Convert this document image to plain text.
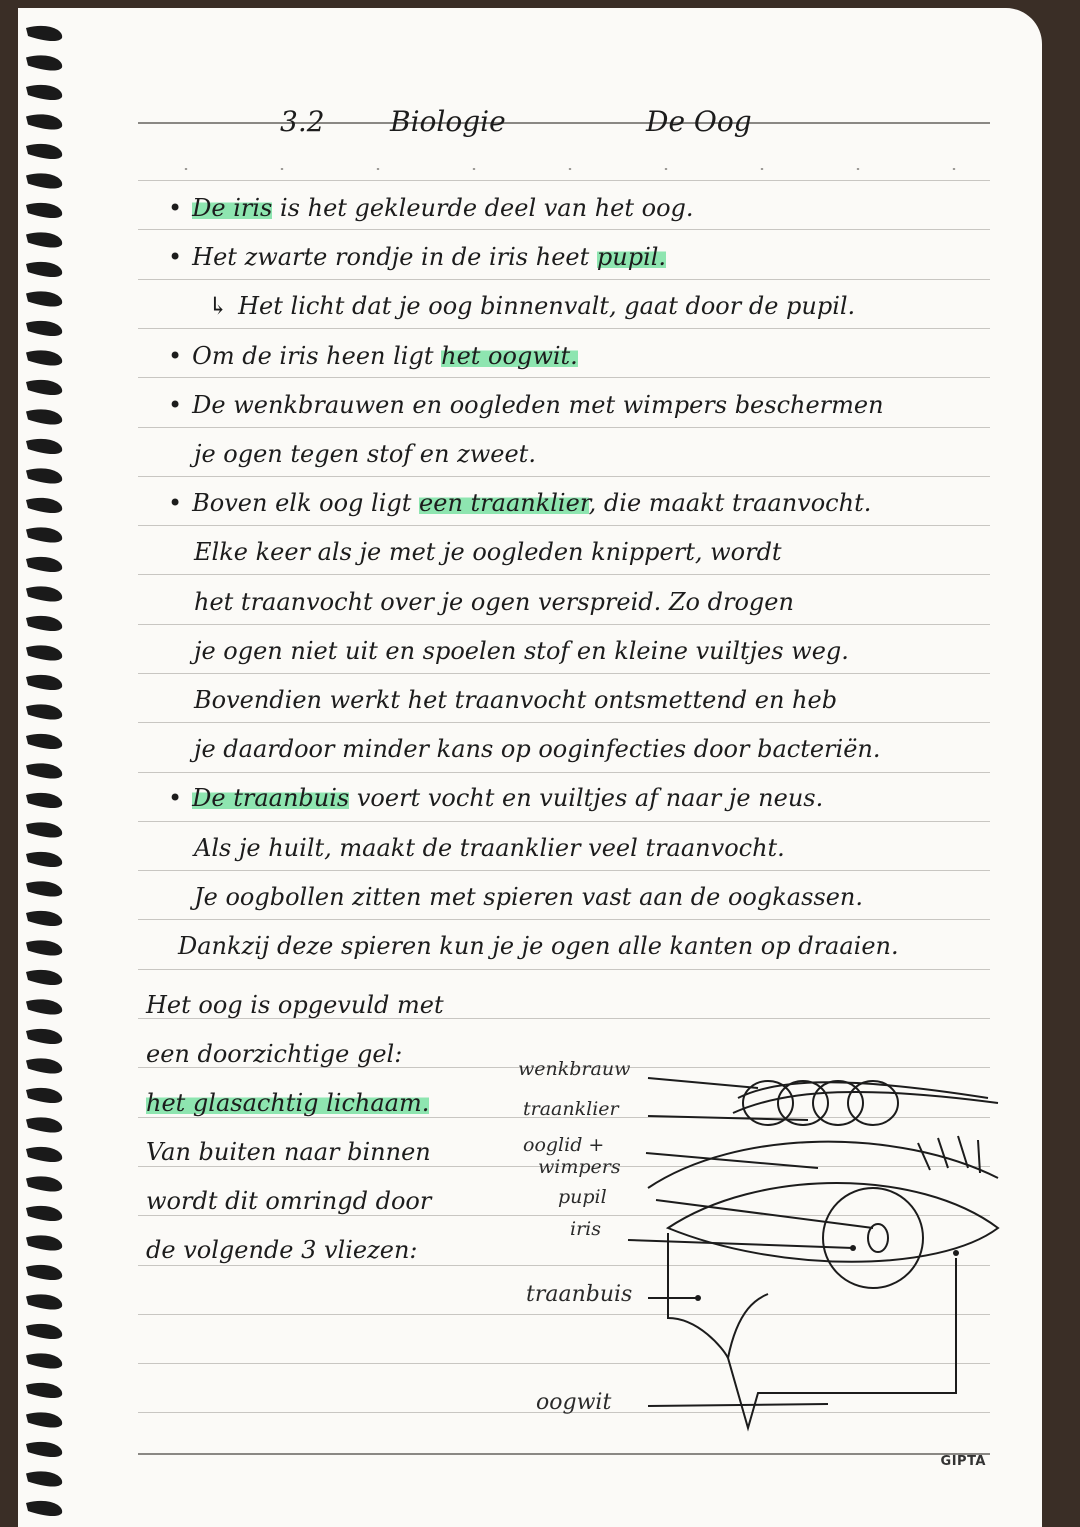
3.2 Biologie	De Oog
• De iris is het gekleurde deel van het oog.
• Het zwarte rondje in de iris heet pupil.
↳ Het licht dat je oog binnenvalt, gaat door de pupil.
• Om de iris heen ligt het oogwit.
• De wenkbrauwen en oogleden met wimpers beschermen
je ogen tegen stof en zweet.
• Boven elk oog ligt een traanklier, die maakt traanvocht.
Elke keer als je met je oogleden knippert, wordt
het traanvocht over je ogen verspreid. Zo drogen
je ogen niet uit en spoelen stof en kleine vuiltjes weg.
Bovendien werkt het traanvocht ontsmettend en heb
je daardoor minder kans op ooginfecties door bacteriën.
• De traanbuis voert vocht en vuiltjes af naar je neus.
Als je huilt, maakt de traanklier veel traanvocht.
Je oogbollen zitten met spieren vast aan de oogkassen.
Dankzij deze spieren kun je je ogen alle kanten op draaien.
Het oog is opgevuld met
een doorzichtige gel:
het glasachtig lichaam.
Van buiten naar binnen
wordt dit omringd door
de volgende 3 vliezen:
wenkbrauw
traanklier
ooglid +
wimpers
pupil
iris
traanbuis
oogwit
GIPTA
